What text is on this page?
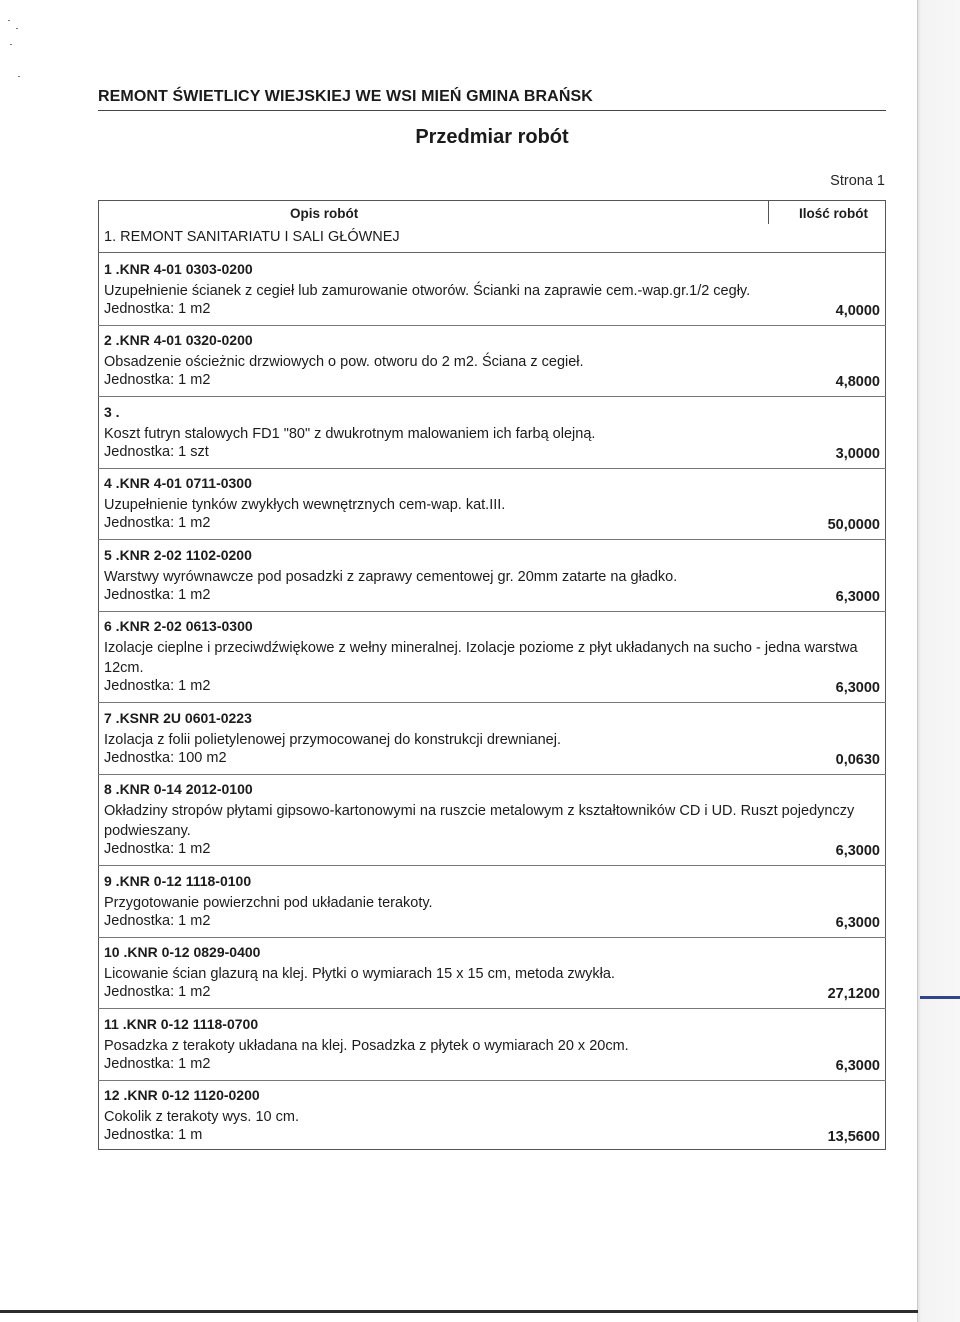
REMONT ŚWIETLICY WIEJSKIEJ WE WSI MIEŃ GMINA BRAŃSK
Przedmiar robót
Strona 1
Opis robót	Ilość robót
1. REMONT SANITARIATU I SALI GŁÓWNEJ
1 .KNR 4-01 0303-0200
Uzupełnienie ścianek z cegieł lub zamurowanie otworów. Ścianki na zaprawie cem.-wap.gr.1/2 cegły.
Jednostka: 1 m2	4,0000
2 .KNR 4-01 0320-0200
Obsadzenie ościeżnic drzwiowych o pow. otworu do 2 m2. Ściana z cegieł.
Jednostka: 1 m2	4,8000
3 .
Koszt futryn stalowych FD1 "80" z dwukrotnym malowaniem ich farbą olejną.
Jednostka: 1 szt	3,0000
4 .KNR 4-01 0711-0300
Uzupełnienie tynków zwykłych wewnętrznych cem-wap. kat.III.
Jednostka: 1 m2	50,0000
5 .KNR 2-02 1102-0200
Warstwy wyrównawcze pod posadzki z zaprawy cementowej gr. 20mm zatarte na gładko.
Jednostka: 1 m2	6,3000
6 .KNR 2-02 0613-0300
Izolacje cieplne i przeciwdźwiękowe z wełny mineralnej. Izolacje poziome z płyt układanych na sucho - jedna warstwa 12cm.
Jednostka: 1 m2	6,3000
7 .KSNR 2U 0601-0223
Izolacja z folii polietylenowej przymocowanej do konstrukcji drewnianej.
Jednostka: 100 m2	0,0630
8 .KNR 0-14 2012-0100
Okładziny stropów płytami gipsowo-kartonowymi na ruszcie metalowym z kształtowników CD i UD. Ruszt pojedynczy podwieszany.
Jednostka: 1 m2	6,3000
9 .KNR 0-12 1118-0100
Przygotowanie powierzchni pod układanie terakoty.
Jednostka: 1 m2	6,3000
10 .KNR 0-12 0829-0400
Licowanie ścian glazurą na klej. Płytki o wymiarach 15 x 15 cm, metoda zwykła.
Jednostka: 1 m2	27,1200
11 .KNR 0-12 1118-0700
Posadzka z terakoty układana na klej. Posadzka z płytek o wymiarach 20 x 20cm.
Jednostka: 1 m2	6,3000
12 .KNR 0-12 1120-0200
Cokolik z terakoty wys. 10 cm.
Jednostka: 1 m	13,5600
